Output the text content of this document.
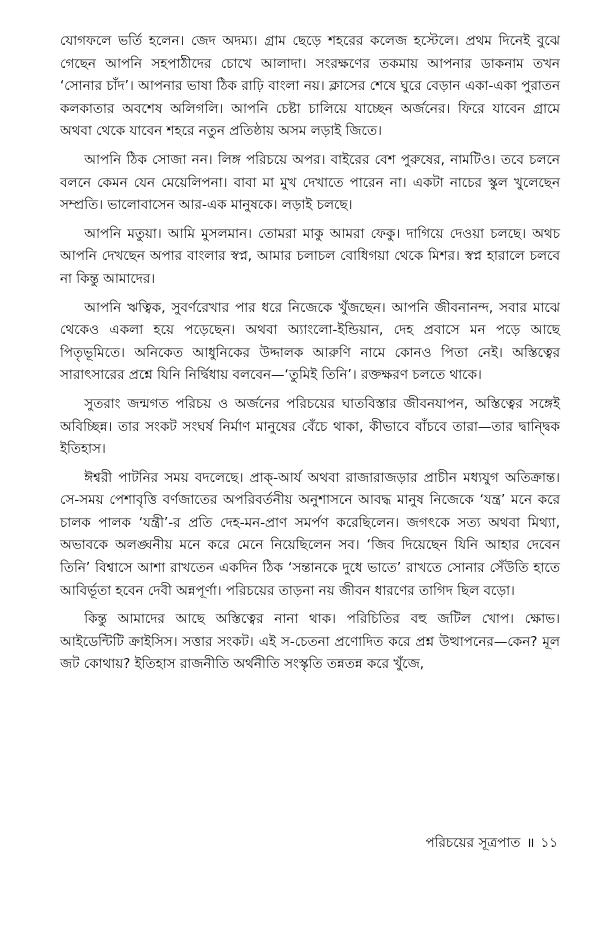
যোগফলে ভর্তি হলেন। জেদ অদম্য। গ্রাম ছেড়ে শহরের কলেজ হস্টেলে। প্রথম দিনেই বুঝে গেছেন আপনি সহপাঠীদের চোখে আলাদা। সংরক্ষণের তকমায় আপনার ডাকনাম তখন ‘সোনার চাঁদ’। আপনার ভাষা ঠিক রাঢ়ি বাংলা নয়। ক্লাসের শেষে ঘুরে বেড়ান একা-একা পুরাতন কলকাতার অবশেষ অলিগলি। আপনি চেষ্টা চালিয়ে যাচ্ছেন অর্জনের। ফিরে যাবেন গ্রামে অথবা থেকে যাবেন শহরে নতুন প্রতিষ্ঠায় অসম লড়াই জিতে।

আপনি ঠিক সোজা নন। লিঙ্গ পরিচয়ে অপর। বাইরের বেশ পুরুষের, নামটিও। তবে চলনে বলনে কেমন যেন মেয়েলিপনা। বাবা মা মুখ দেখাতে পারেন না। একটা নাচের স্কুল খুলেছেন সম্প্রতি। ভালোবাসেন আর-এক মানুষকে। লড়াই চলছে।

আপনি মতুয়া। আমি মুসলমান। তোমরা মাকু আমরা ফেকু। দাগিয়ে দেওয়া চলছে। অথচ আপনি দেখছেন অপার বাংলার স্বপ্ন, আমার চলাচল বোধিগয়া থেকে মিশর। স্বপ্ন হারালে চলবে না কিন্তু আমাদের।

আপনি ঋত্বিক, সুবর্ণরেখার পার ধরে নিজেকে খুঁজছেন। আপনি জীবনানন্দ, সবার মাঝে থেকেও একলা হয়ে পড়েছেন। অথবা অ্যাংলো-ইন্ডিয়ান, দেহ প্রবাসে মন পড়ে আছে পিতৃভূমিতে। অনিকেত আধুনিকের উদ্দালক আরুণি নামে কোনও পিতা নেই। অস্তিত্বের সারাৎসারের প্রশ্নে যিনি নির্দ্বিধায় বলবেন—‘তুমিই তিনি’। রক্তক্ষরণ চলতে থাকে।

সুতরাং জন্মগত পরিচয় ও অর্জনের পরিচয়ের ঘাতবিস্তার জীবনযাপন, অস্তিত্বের সঙ্গেই অবিচ্ছিন্ন। তার সংকট সংঘর্ষ নির্মাণ মানুষের বেঁচে থাকা, কীভাবে বাঁচবে তারা—তার দ্বান্দ্বিক ইতিহাস।

ঈশ্বরী পাটনির সময় বদলেছে। প্রাক্-আর্য অথবা রাজারাজড়ার প্রাচীন মধ্যযুগ অতিক্রান্ত। সে-সময় পেশাবৃত্তি বর্ণজাতের অপরিবর্তনীয় অনুশাসনে আবদ্ধ মানুষ নিজেকে ‘যন্ত্র’ মনে করে চালক পালক ‘যন্ত্রী’-র প্রতি দেহ-মন-প্রাণ সমর্পণ করেছিলেন। জগৎকে সত্য অথবা মিথ্যা, অভাবকে অলঙ্ঘনীয় মনে করে মেনে নিয়েছিলেন সব। ‘জিব দিয়েছেন যিনি আহার দেবেন তিনি’ বিশ্বাসে আশা রাখতেন একদিন ঠিক ‘সন্তানকে দুধে ভাতে’ রাখতে সোনার সেঁউতি হাতে আবির্ভূতা হবেন দেবী অন্নপূর্ণা। পরিচয়ের তাড়না নয় জীবন ধারণের তাগিদ ছিল বড়ো।

কিন্তু আমাদের আছে অস্তিত্বের নানা থাক। পরিচিতির বহু জটিল খোপ। ক্ষোভ। আইডেন্টিটি ক্রাইসিস। সত্তার সংকট। এই স-চেতনা প্রণোদিত করে প্রশ্ন উত্থাপনের—কেন? মূল জট কোথায়? ইতিহাস রাজনীতি অর্থনীতি সংস্কৃতি তন্নতন্ন করে খুঁজে,

পরিচয়ের সূত্রপাত ॥ ১১
